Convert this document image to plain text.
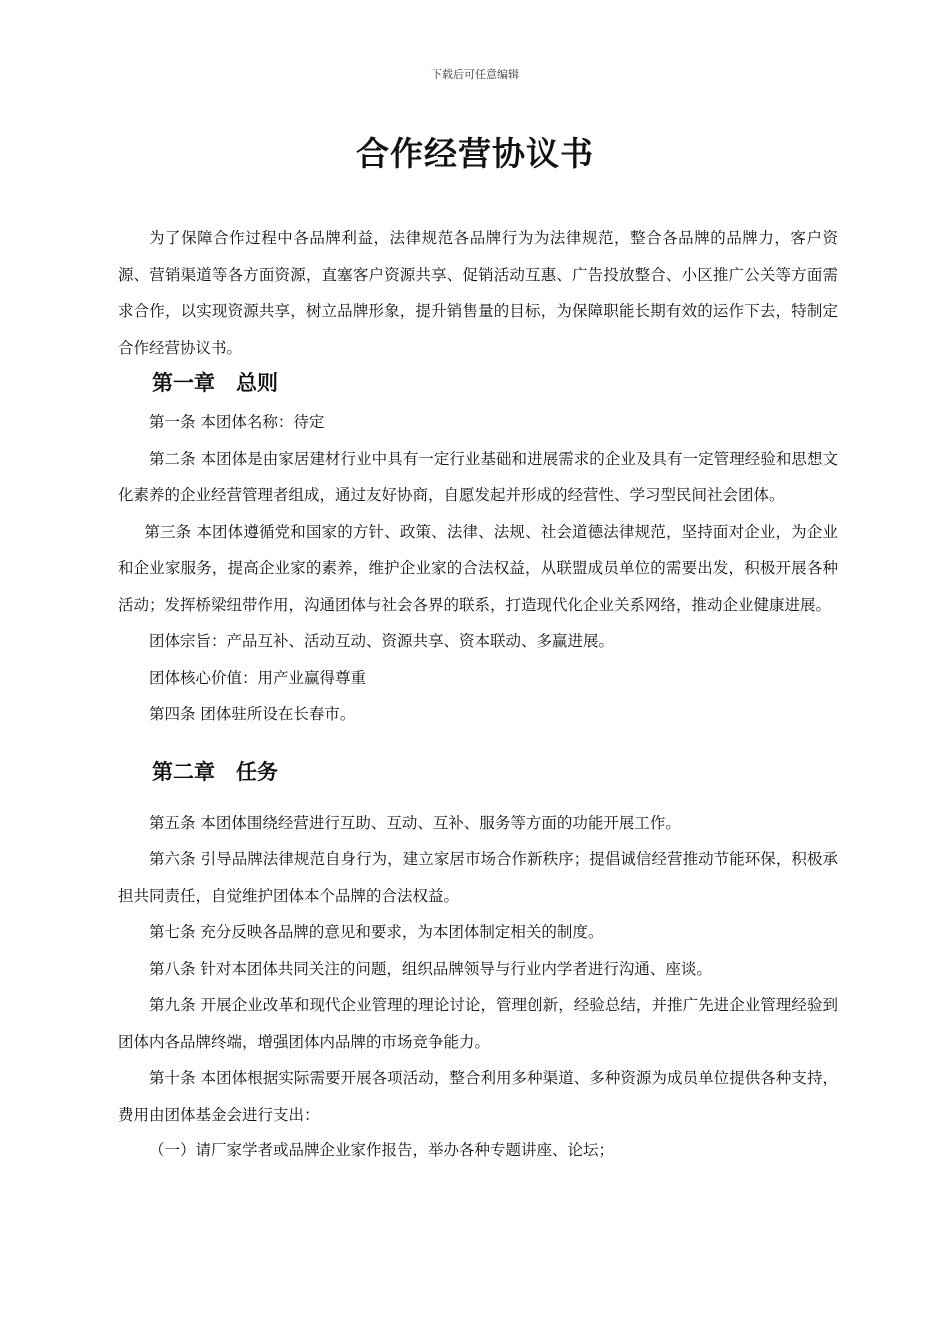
下载后可任意编辑
合作经营协议书

为了保障合作过程中各品牌利益，法律规范各品牌行为为法律规范，整合各品牌的品牌力，客户资源、营销渠道等各方面资源，直塞客户资源共享、促销活动互惠、广告投放整合、小区推广公关等方面需求合作，以实现资源共享，树立品牌形象，提升销售量的目标，为保障职能长期有效的运作下去，特制定合作经营协议书。

第一章　总则

第一条 本团体名称：待定

第二条 本团体是由家居建材行业中具有一定行业基础和进展需求的企业及具有一定管理经验和思想文化素养的企业经营管理者组成，通过友好协商，自愿发起并形成的经营性、学习型民间社会团体。

第三条 本团体遵循党和国家的方针、政策、法律、法规、社会道德法律规范，坚持面对企业，为企业和企业家服务，提高企业家的素养，维护企业家的合法权益，从联盟成员单位的需要出发，积极开展各种活动；发挥桥梁纽带作用，沟通团体与社会各界的联系，打造现代化企业关系网络，推动企业健康进展。

团体宗旨：产品互补、活动互动、资源共享、资本联动、多赢进展。

团体核心价值：用产业赢得尊重

第四条 团体驻所设在长春市。

第二章　任务

第五条 本团体围绕经营进行互助、互动、互补、服务等方面的功能开展工作。

第六条 引导品牌法律规范自身行为，建立家居市场合作新秩序；提倡诚信经营推动节能环保，积极承担共同责任，自觉维护团体本个品牌的合法权益。

第七条 充分反映各品牌的意见和要求，为本团体制定相关的制度。

第八条 针对本团体共同关注的问题，组织品牌领导与行业内学者进行沟通、座谈。

第九条 开展企业改革和现代企业管理的理论讨论，管理创新，经验总结，并推广先进企业管理经验到团体内各品牌终端，增强团体内品牌的市场竞争能力。

第十条 本团体根据实际需要开展各项活动，整合利用多种渠道、多种资源为成员单位提供各种支持，费用由团体基金会进行支出：

（一）请厂家学者或品牌企业家作报告，举办各种专题讲座、论坛；
